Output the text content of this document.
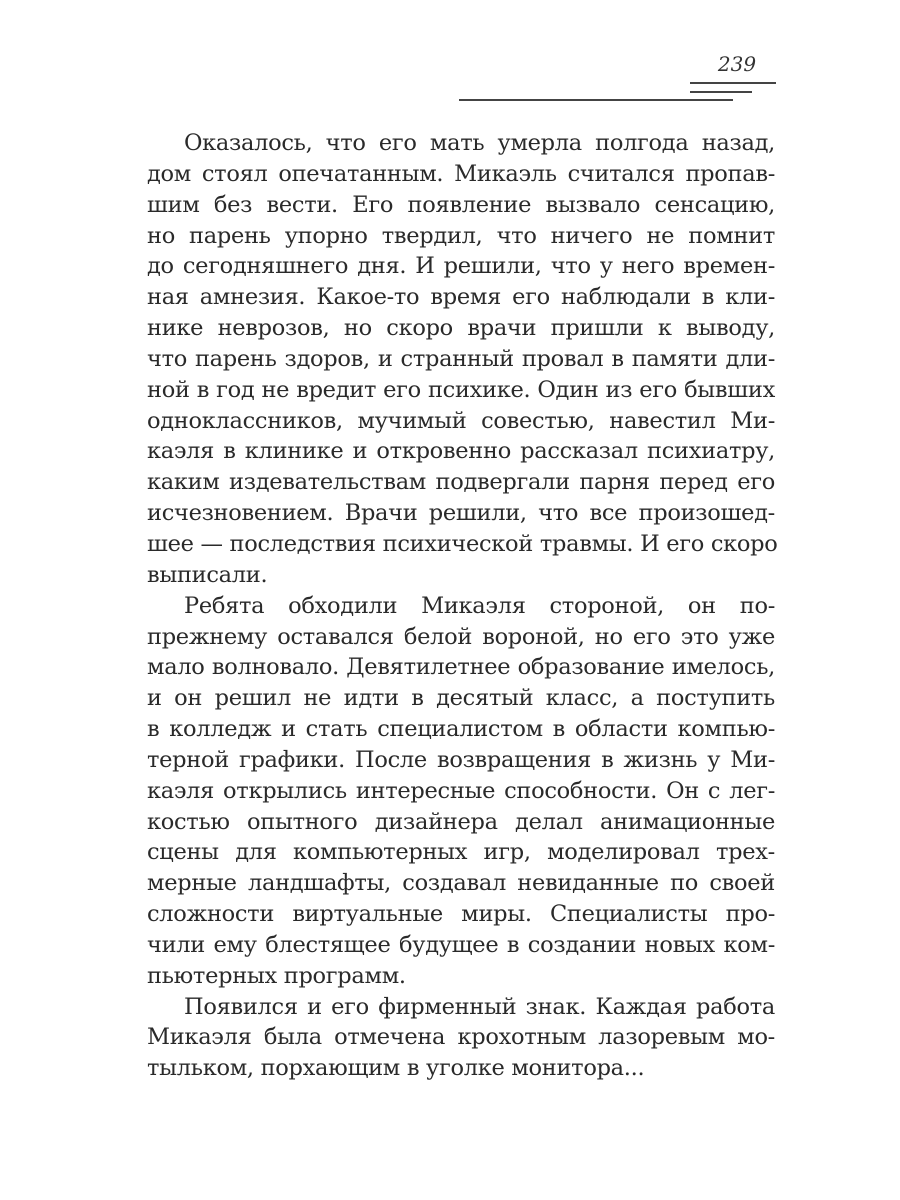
239
Оказалось, что его мать умерла полгода назад,
дом стоял опечатанным. Микаэль считался пропав-
шим без вести. Его появление вызвало сенсацию,
но парень упорно твердил, что ничего не помнит
до сегодняшнего дня. И решили, что у него времен-
ная амнезия. Какое-то время его наблюдали в кли-
нике неврозов, но скоро врачи пришли к выводу,
что парень здоров, и странный провал в памяти дли-
ной в год не вредит его психике. Один из его бывших
одноклассников, мучимый совестью, навестил Ми-
каэля в клинике и откровенно рассказал психиатру,
каким издевательствам подвергали парня перед его
исчезновением. Врачи решили, что все произошед-
шее — последствия психической травмы. И его скоро
выписали.
Ребята обходили Микаэля стороной, он по-
прежнему оставался белой вороной, но его это уже
мало волновало. Девятилетнее образование имелось,
и он решил не идти в десятый класс, а поступить
в колледж и стать специалистом в области компью-
терной графики. После возвращения в жизнь у Ми-
каэля открылись интересные способности. Он с лег-
костью опытного дизайнера делал анимационные
сцены для компьютерных игр, моделировал трех-
мерные ландшафты, создавал невиданные по своей
сложности виртуальные миры. Специалисты про-
чили ему блестящее будущее в создании новых ком-
пьютерных программ.
Появился и его фирменный знак. Каждая работа
Микаэля была отмечена крохотным лазоревым мо-
тыльком, порхающим в уголке монитора...
